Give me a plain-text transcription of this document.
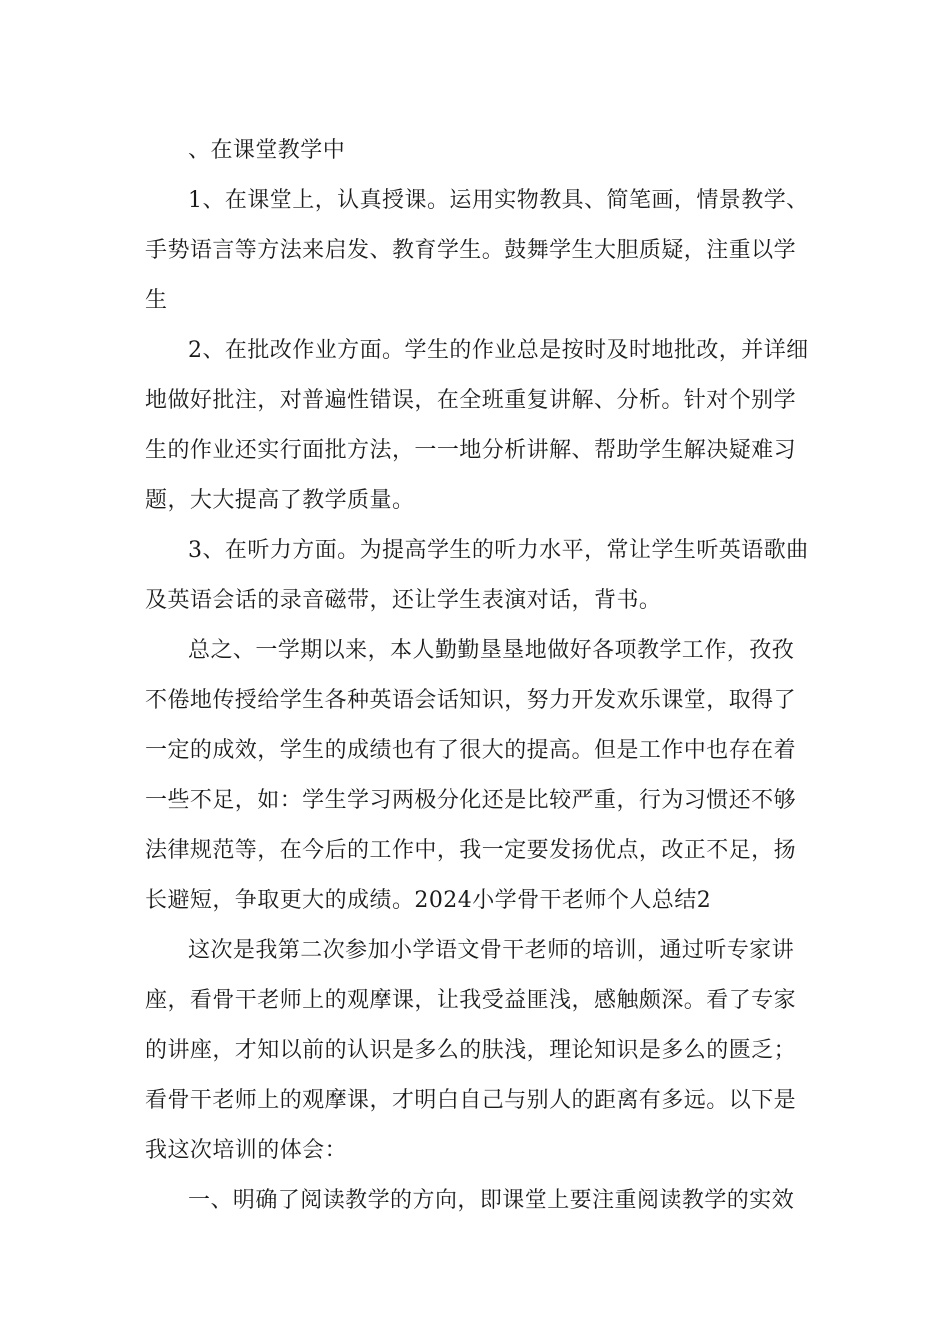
、在课堂教学中
1、在课堂上，认真授课。运用实物教具、简笔画，情景教学、
手势语言等方法来启发、教育学生。鼓舞学生大胆质疑，注重以学
生
2、在批改作业方面。学生的作业总是按时及时地批改，并详细
地做好批注，对普遍性错误，在全班重复讲解、分析。针对个别学
生的作业还实行面批方法，一一地分析讲解、帮助学生解决疑难习
题，大大提高了教学质量。
3、在听力方面。为提高学生的听力水平，常让学生听英语歌曲
及英语会话的录音磁带，还让学生表演对话，背书。
总之、一学期以来，本人勤勤垦垦地做好各项教学工作，孜孜
不倦地传授给学生各种英语会话知识，努力开发欢乐课堂，取得了
一定的成效，学生的成绩也有了很大的提高。但是工作中也存在着
一些不足，如：学生学习两极分化还是比较严重，行为习惯还不够
法律规范等，在今后的工作中，我一定要发扬优点，改正不足，扬
长避短，争取更大的成绩。2024小学骨干老师个人总结2
这次是我第二次参加小学语文骨干老师的培训，通过听专家讲
座，看骨干老师上的观摩课，让我受益匪浅，感触颇深。看了专家
的讲座，才知以前的认识是多么的肤浅，理论知识是多么的匮乏；
看骨干老师上的观摩课，才明白自己与别人的距离有多远。以下是
我这次培训的体会：
一、明确了阅读教学的方向，即课堂上要注重阅读教学的实效
